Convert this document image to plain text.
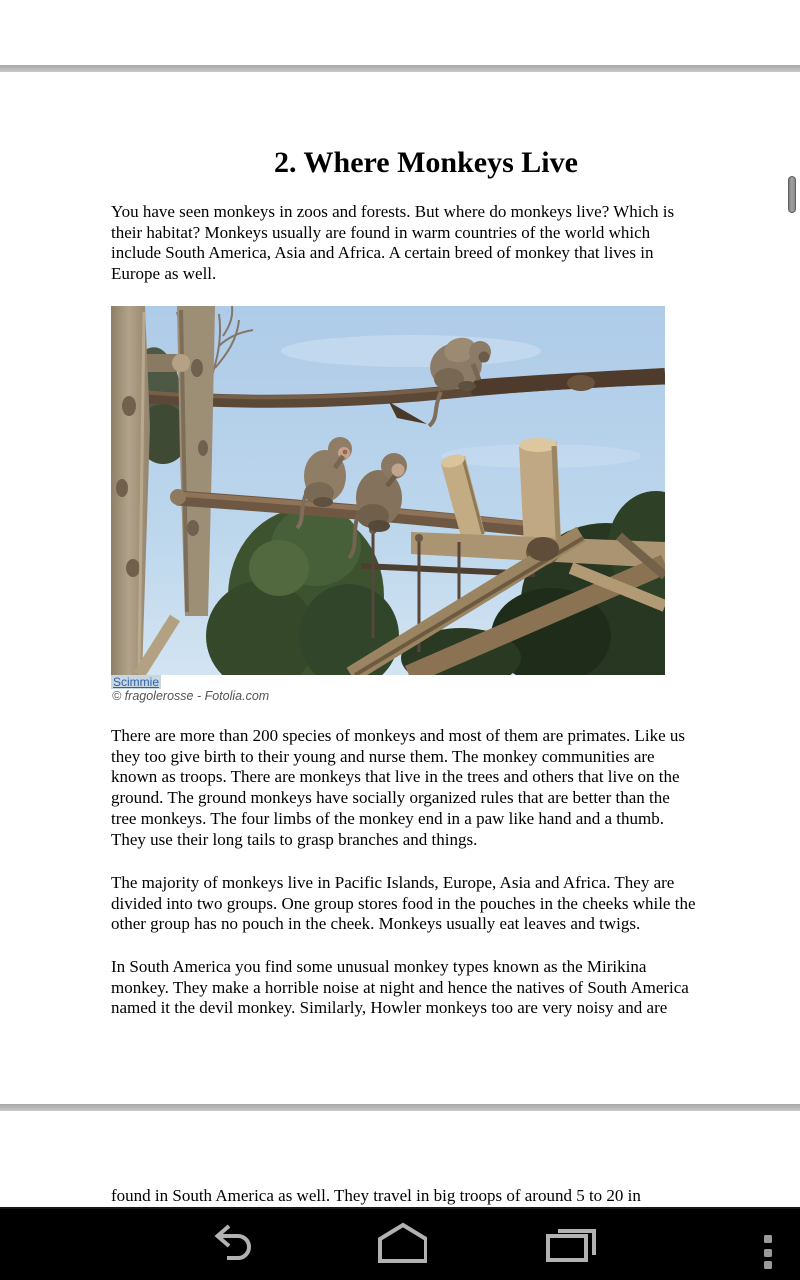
2. Where Monkeys Live

You have seen monkeys in zoos and forests. But where do monkeys live? Which is
their habitat? Monkeys usually are found in warm countries of the world which
include South America, Asia and Africa. A certain breed of monkey that lives in
Europe as well.

Scimmie
© fragolerosse - Fotolia.com

There are more than 200 species of monkeys and most of them are primates. Like us
they too give birth to their young and nurse them. The monkey communities are
known as troops. There are monkeys that live in the trees and others that live on the
ground. The ground monkeys have socially organized rules that are better than the
tree monkeys. The four limbs of the monkey end in a paw like hand and a thumb.
They use their long tails to grasp branches and things.

The majority of monkeys live in Pacific Islands, Europe, Asia and Africa. They are
divided into two groups. One group stores food in the pouches in the cheeks while the
other group has no pouch in the cheek. Monkeys usually eat leaves and twigs.

In South America you find some unusual monkey types known as the Mirikina
monkey. They make a horrible noise at night and hence the natives of South America
named it the devil monkey. Similarly, Howler monkeys too are very noisy and are

found in South America as well. They travel in big troops of around 5 to 20 in
